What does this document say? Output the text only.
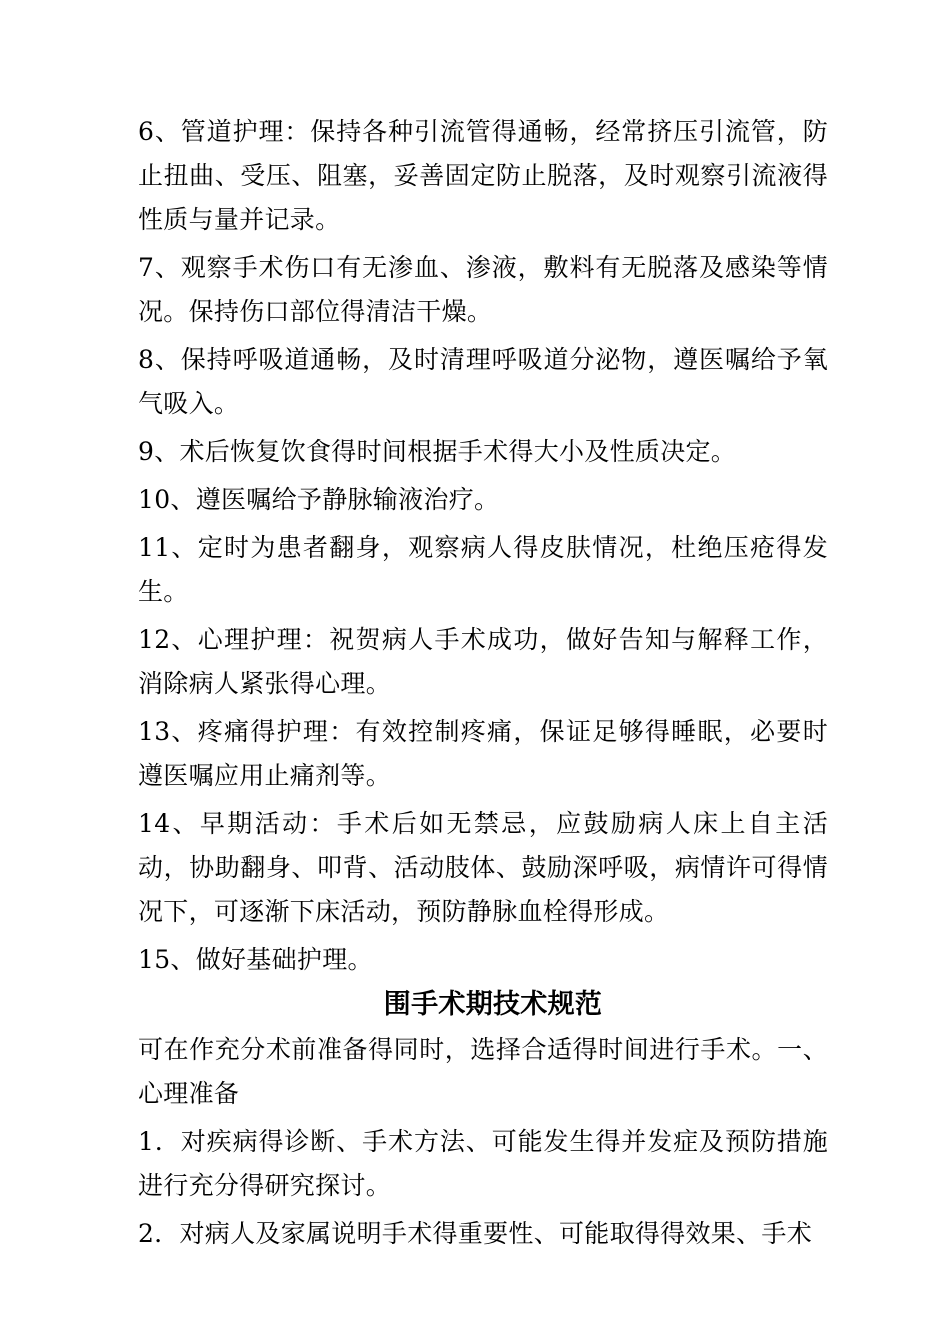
6、管道护理：保持各种引流管得通畅，经常挤压引流管，防止扭曲、受压、阻塞，妥善固定防止脱落，及时观察引流液得性质与量并记录。

7、观察手术伤口有无渗血、渗液，敷料有无脱落及感染等情况。保持伤口部位得清洁干燥。

8、保持呼吸道通畅，及时清理呼吸道分泌物，遵医嘱给予氧气吸入。

9、术后恢复饮食得时间根据手术得大小及性质决定。

10、遵医嘱给予静脉输液治疗。

11、定时为患者翻身，观察病人得皮肤情况，杜绝压疮得发生。

12、心理护理：祝贺病人手术成功，做好告知与解释工作，消除病人紧张得心理。

13、疼痛得护理：有效控制疼痛，保证足够得睡眠，必要时遵医嘱应用止痛剂等。

14、早期活动：手术后如无禁忌，应鼓励病人床上自主活动，协助翻身、叩背、活动肢体、鼓励深呼吸，病情许可得情况下，可逐渐下床活动，预防静脉血栓得形成。

15、做好基础护理。

围手术期技术规范

可在作充分术前准备得同时，选择合适得时间进行手术。一、心理准备

1．对疾病得诊断、手术方法、可能发生得并发症及预防措施进行充分得研究探讨。

2．对病人及家属说明手术得重要性、可能取得得效果、手术
